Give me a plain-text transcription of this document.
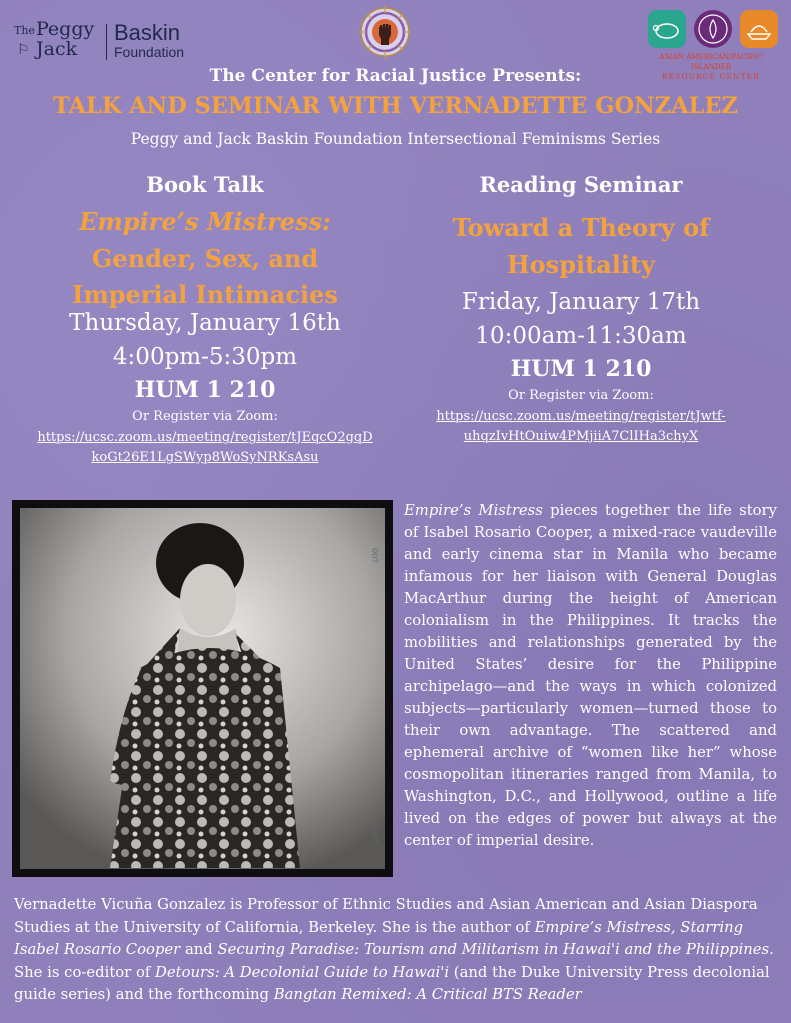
The Peggy
⚐ Jack
Baskin
Foundation	ASIAN AMERICAN/PACIFIC ISLANDER
RESOURCE CENTER
The Center for Racial Justice Presents:
TALK AND SEMINAR WITH VERNADETTE GONZALEZ
Peggy and Jack Baskin Foundation Intersectional Feminisms Series
Book Talk
Empire’s Mistress:
Gender, Sex, and
Imperial Intimacies
Thursday, January 16th
4:00pm-5:30pm
HUM 1 210
Or Register via Zoom:
https://ucsc.zoom.us/meeting/register/tJEqcO2gqD
koGt26E1LgSWyp8WoSyNRKsAsu
Reading Seminar
Toward a Theory of
Hospitality
Friday, January 17th
10:00am-11:30am
HUM 1 210
Or Register via Zoom:
https://ucsc.zoom.us/meeting/register/tJwtf-
uhqzIvHtOuiw4PMjiiA7ClIHa3chyX
007
007
Empire’s Mistress pieces together the life story of Isabel Rosario Cooper, a mixed-race vaudeville and early cinema star in Manila who became infamous for her liaison with General Douglas MacArthur during the height of American colonialism in the Philippines. It tracks the mobilities and relationships generated by the United States’ desire for the Philippine archipelago—and the ways in which colonized subjects—particularly women—turned those to their own advantage. The scattered and ephemeral archive of “women like her” whose cosmopolitan itineraries ranged from Manila, to Washington, D.C., and Hollywood, outline a life lived on the edges of power but always at the center of imperial desire.
Vernadette Vicuña Gonzalez is Professor of Ethnic Studies and Asian American and Asian Diaspora Studies at the University of California, Berkeley. She is the author of Empire’s Mistress, Starring Isabel Rosario Cooper and Securing Paradise: Tourism and Militarism in Hawai'i and the Philippines. She is co-editor of Detours: A Decolonial Guide to Hawai'i (and the Duke University Press decolonial guide series) and the forthcoming Bangtan Remixed: A Critical BTS Reader
